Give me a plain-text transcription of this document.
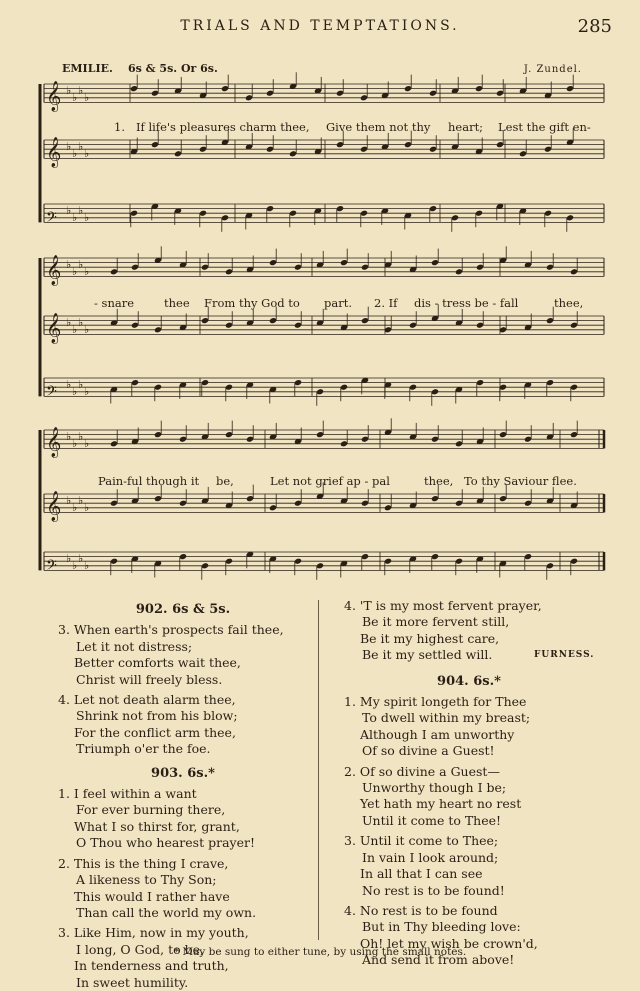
TRIALS AND TEMPTATIONS.	285
EMILIE. 6s & 5s. Or 6s.	J. Zundel.
𝄞 ♭
♭
♭
♭
𝄞 ♭
♭
♭
♭
𝄢 ♭
♭
♭
♭
𝄞 ♭
♭
♭
♭
𝄞 ♭
♭
♭
♭
𝄢 ♭
♭
♭
♭
𝄞 ♭
♭
♭
♭
𝄞 ♭
♭
♭
♭
𝄢 ♭
♭
♭
♭
1. If life's pleasures charm thee, Give them not thy heart; Lest the gift en-
- snare	thee From thy God to part. 2. If dis - tress be - fall	thee,
Pain-ful though it be,	Let not grief ap - pal	thee, To thy Saviour flee.
902. 6s & 5s.
3. When earth's prospects fail thee,
Let it not distress;
Better comforts wait thee,
Christ will freely bless.
4. Let not death alarm thee,
Shrink not from his blow;
For the conflict arm thee,
Triumph o'er the foe.
903. 6s.*
1. I feel within a want
For ever burning there,
What I so thirst for, grant,
O Thou who hearest prayer!
2. This is the thing I crave,
A likeness to Thy Son;
This would I rather have
Than call the world my own.
3. Like Him, now in my youth,
I long, O God, to be,
In tenderness and truth,
In sweet humility.
4. 'T is my most fervent prayer,
Be it more fervent still,
Be it my highest care,
Be it my settled will.	FURNESS.
904. 6s.*
1. My spirit longeth for Thee
To dwell within my breast;
Although I am unworthy
Of so divine a Guest!
2. Of so divine a Guest—
Unworthy though I be;
Yet hath my heart no rest
Until it come to Thee!
3. Until it come to Thee;
In vain I look around;
In all that I can see
No rest is to be found!
4. No rest is to be found
But in Thy bleeding love:
Oh! let my wish be crown'd,
And send it from above!
* May be sung to either tune, by using the small notes.
